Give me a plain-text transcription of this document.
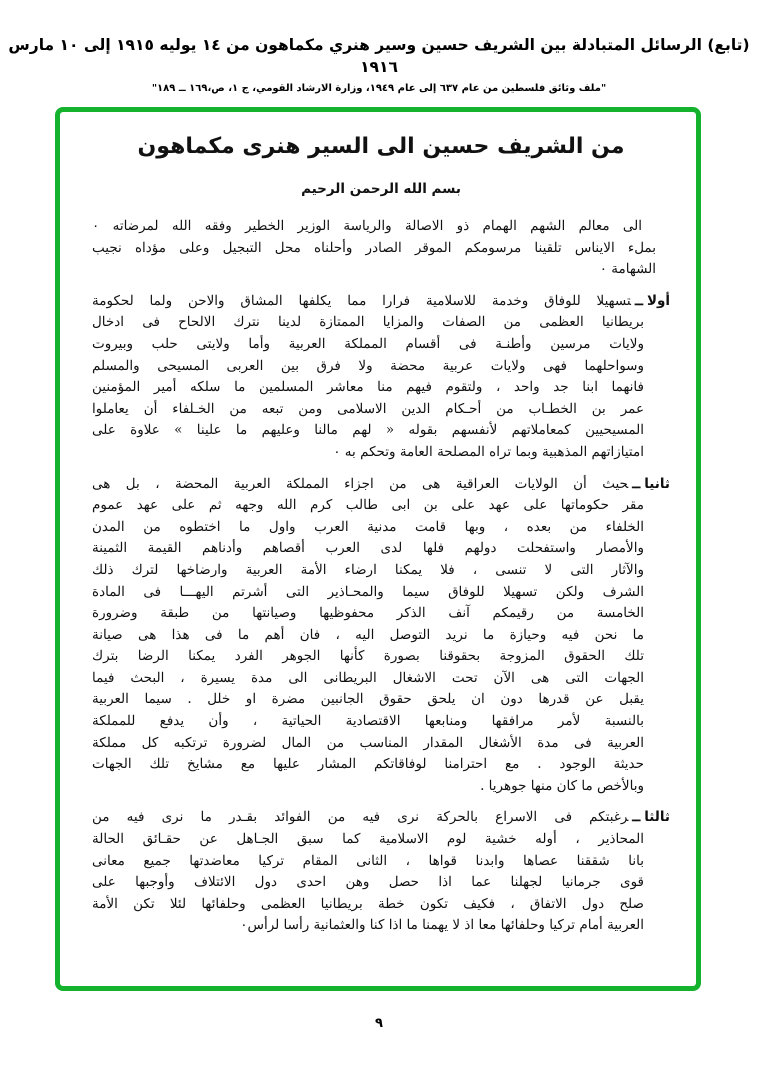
(تابع) الرسائل المتبادلة بين الشريف حسين وسير هنري مكماهون من ١٤ يوليه ١٩١٥ إلى ١٠ مارس ١٩١٦
"ملف وثائق فلسطين من عام ٦٣٧ إلى عام ١٩٤٩، وزارة الارشاد القومي، ج ١، ص،١٦٩ ــ ١٨٩"
من الشريف حسين الى السير هنرى مكماهون
بسم الله الرحمن الرحيم
الى معالم الشهم الهمام ذو الاصالة والرياسة الوزير الخطير وفقه الله لمرضاته ٠
بملء الايناس تلقينا مرسومكم الموقر الصادر وأحلناه محل التبجيل وعلى مؤداه نجيب
الشهامة ٠
أولاــتسهيلا للوفاق وخدمة للاسلامية فرارا مما يكلفها المشاق والاحن ولما لحكومة
بريطانيا العظمى من الصفات والمزايا الممتازة لدينا نترك الالحاح فى ادخال
ولايات مرسين وأطنـة فى أقسام المملكة العربية وأما ولايتى حلب وبيروت
وسواحلهما فهى ولايات عربية محضة ولا فرق بين العربى المسيحى والمسلم
فانهما ابنا جد واحد ، ولتقوم فيهم منا معاشر المسلمين ما سلكه أمير المؤمنين
عمر بن الخطـاب من أحـكام الدين الاسلامى ومن تبعه من الخـلفاء أن يعاملوا
المسيحيين كمعاملاتهم لأنفسهم بقوله « لهم مالنا وعليهم ما علينا » علاوة على
امتيازاتهم المذهبية وبما تراه المصلحة العامة وتحكم به ٠
ثانياــحيث أن الولايات العراقية هى من اجزاء المملكة العربية المحضة ، بل هى
مقر حكوماتها على عهد على بن ابى طالب كرم الله وجهه ثم على عهد عموم
الخلفاء من بعده ، وبها قامت مدنية العرب واول ما اختطوه من المدن
والأمصار واستفحلت دولهم فلها لدى العرب أقصاهم وأدناهم القيمة الثمينة
والآثار التى لا تنسى ، فلا يمكنا ارضاء الأمة العربية وارضاخها لترك ذلك
الشرف ولكن تسهيلا للوفاق سيما والمحـاذير التى أشرتم اليهـــا فى المادة
الخامسة من رقيمكم آنف الذكر محفوظيها وصيانتها من طبقة وضرورة
ما نحن فيه وحيازة ما نريد التوصل اليه ، فان أهم ما فى هذا هى صيانة
تلك الحقوق المزوجة بحقوقنا بصورة كأنها الجوهر الفرد يمكنا الرضا بترك
الجهات التى هى الآن تحت الاشغال البريطانى الى مدة يسيرة ، البحث فيما
يقبل عن قدرها دون ان يلحق حقوق الجانبين مضرة او خلل . سيما العربية
بالنسبة لأمر مرافقها ومنابعها الاقتصادية الحياتية ، وأن يدفع للمملكة
العربية فى مدة الأشغال المقدار المناسب من المال لضرورة ترتكبه كل مملكة
حديثة الوجود . مع احترامنا لوفاقاتكم المشار عليها مع مشايخ تلك الجهات
وبالأخص ما كان منها جوهريا .
ثالثاــرغبتكم فى الاسراع بالحركة نرى فيه من الفوائد بقـدر ما نرى فيه من
المحاذير ، أوله خشية لوم الاسلامية كما سبق الجـاهل عن حقـائق الحالة
بانا شققنا عصاها وابدنا قواها ، الثانى المقام تركيا معاضدتها جميع معانى
قوى جرمانيا لجهلنا عما اذا حصل وهن احدى دول الائتلاف وأوجبها على
صلح دول الاتفاق ، فكيف تكون خطة بريطانيا العظمى وحلفائها لئلا تكن الأمة
العربية أمام تركيا وحلفائها معا اذ لا يهمنا ما اذا كنا والعثمانية رأسا لرأس٠
٩
